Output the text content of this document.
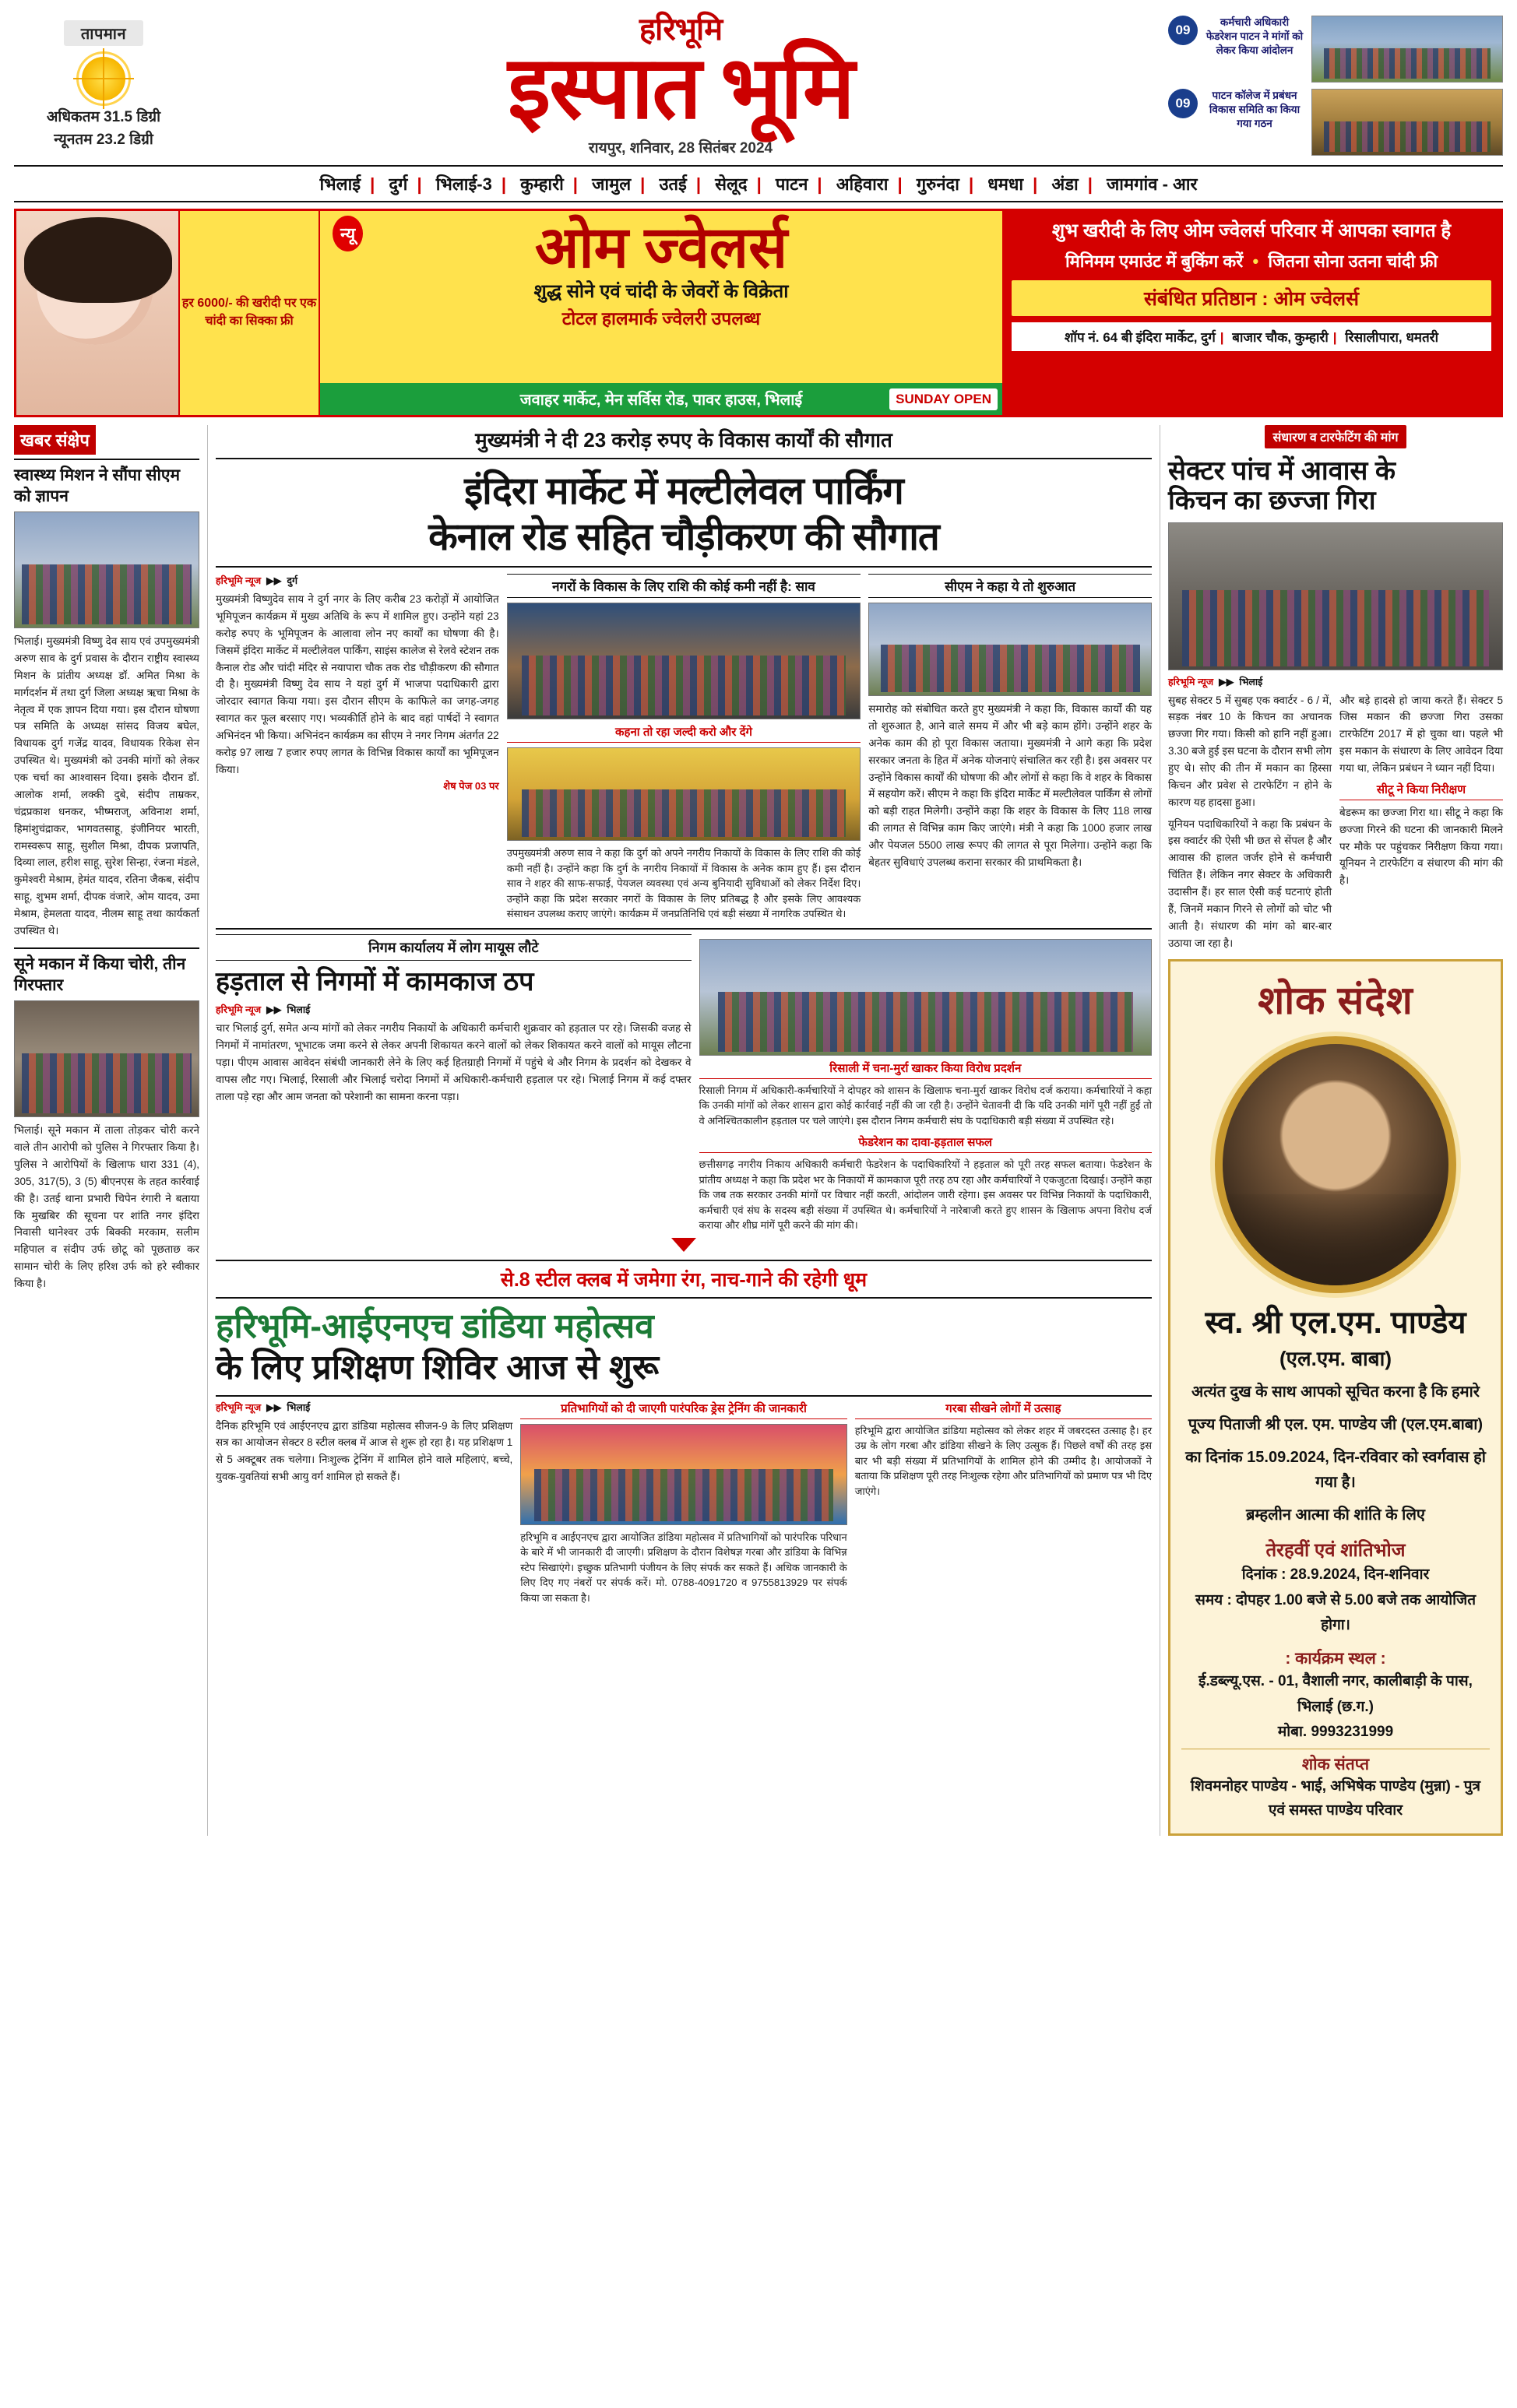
तापमान
अधिकतम 31.5 डिग्री
न्यूनतम 23.2 डिग्री
हरिभूमि
इस्पात भूमि
रायपुर, शनिवार, 28 सितंबर 2024
09
कर्मचारी अधिकारी फेडरेशन पाटन ने मांगों को लेकर किया आंदोलन
09
पाटन कॉलेज में प्रबंधन विकास समिति का किया गया गठन
भिलाई | दुर्ग | भिलाई-3 | कुम्हारी | जामुल | उतई | सेलूद | पाटन | अहिवारा | गुरुनंदा | धमधा | अंडा | जामगांव - आर
हर 6000/- की खरीदी पर एक चांदी का सिक्का फ्री
न्यू	ओम ज्वेलर्स
शुद्ध सोने एवं चांदी के जेवरों के विक्रेता
टोटल हालमार्क ज्वेलरी उपलब्ध
जवाहर मार्केट, मेन सर्विस रोड, पावर हाउस, भिलाई	SUNDAY OPEN
शुभ खरीदी के लिए ओम ज्वेलर्स परिवार में आपका स्वागत है
मिनिमम एमाउंट में बुकिंग करें  •  जितना सोना उतना चांदी फ्री
संबंधित प्रतिष्ठान : ओम ज्वेलर्स
शॉप नं. 64 बी इंदिरा मार्केट, दुर्ग | बाजार चौक, कुम्हारी | रिसालीपारा, धमतरी
खबर संक्षेप
स्वास्थ्य मिशन ने सौंपा सीएम को ज्ञापन
भिलाई। मुख्यमंत्री विष्णु देव साय एवं उपमुख्यमंत्री अरुण साव के दुर्ग प्रवास के दौरान राष्ट्रीय स्वास्थ्य मिशन के प्रांतीय अध्यक्ष डॉ. अमित मिश्रा के मार्गदर्शन में तथा दुर्ग जिला अध्यक्ष ऋचा मिश्रा के नेतृत्व में एक ज्ञापन दिया गया। इस दौरान घोषणा पत्र समिति के अध्यक्ष सांसद विजय बघेल, विधायक दुर्ग गजेंद्र यादव, विधायक रिकेश सेन उपस्थित थे। मुख्यमंत्री को उनकी मांगों को लेकर एक चर्चा का आश्वासन दिया। इसके दौरान डॉ. आलोक शर्मा, लक्की दुबे, संदीप ताम्रकर, चंद्रप्रकाश धनकर, भीष्मराज्, अविनाश शर्मा, हिमांशुचंद्राकर, भागवतसाहू, इंजीनियर भारती, रामस्वरूप साहू, सुशील मिश्रा, दीपक प्रजापति, दिव्या लाल, हरीश साहू, सुरेश सिन्हा, रंजना मंडले, कुमेश्वरी मेश्राम, हेमंत यादव, रतिना जैकब, संदीप साहू, शुभम शर्मा, दीपक वंजारे, ओम यादव, उमा मेश्राम, हेमलता यादव, नीलम साहू तथा कार्यकर्ता उपस्थित थे।
सूने मकान में किया चोरी, तीन गिरफ्तार
भिलाई। सूने मकान में ताला तोड़कर चोरी करने वाले तीन आरोपी को पुलिस ने गिरफ्तार किया है। पुलिस ने आरोपियों के खिलाफ धारा 331 (4), 305, 317(5), 3 (5) बीएनएस के तहत कार्रवाई की है। उतई थाना प्रभारी चिपेन रंगारी ने बताया कि मुखबिर की सूचना पर शांति नगर इंदिरा निवासी थानेश्वर उर्फ बिक्की मरकाम, सलीम महिपाल व संदीप उर्फ छोटू को पूछताछ कर सामान चोरी के लिए हरिश उर्फ को हरे स्वीकार किया है।
मुख्यमंत्री ने दी 23 करोड़ रुपए के विकास कार्यों की सौगात
इंदिरा मार्केट में मल्टीलेवल पार्किंग
केनाल रोड सहित चौड़ीकरण की सौगात
हरिभूमि न्यूज  ▶▶  दुर्ग
मुख्यमंत्री विष्णुदेव साय ने दुर्ग नगर के लिए करीब 23 करोड़ों में आयोजित भूमिपूजन कार्यक्रम में मुख्य अतिथि के रूप में शामिल हुए। उन्होंने यहां 23 करोड़ रुपए के भूमिपूजन के आलावा लोन नए कार्यों का घोषणा की है। जिसमें इंदिरा मार्केट में मल्टीलेवल पार्किंग, साइंस कालेज से रेलवे स्टेशन तक कैनाल रोड और चांदी मंदिर से नयापारा चौक तक रोड चौड़ीकरण की सौगात दी है। मुख्यमंत्री विष्णु देव साय ने यहां दुर्ग में भाजपा पदाधिकारी द्वारा जोरदार स्वागत किया गया। इस दौरान सीएम के काफिले का जगह-जगह स्वागत कर फूल बरसाए गए। भव्यकीर्ति होने के बाद वहां पार्षदों ने स्वागत अभिनंदन भी किया। अभिनंदन कार्यक्रम का सीएम ने नगर निगम अंतर्गत 22 करोड़ 97 लाख 7 हजार रुपए लागत के विभिन्न विकास कार्यों का भूमिपूजन किया।
शेष पेज 03 पर
नगरों के विकास के लिए राशि की कोई कमी नहीं है: साव
कहना तो रहा जल्दी करो और देंगे
उपमुख्यमंत्री अरुण साव ने कहा कि दुर्ग को अपने नगरीय निकायों के विकास के लिए राशि की कोई कमी नहीं है। उन्होंने कहा कि दुर्ग के नगरीय निकायों में विकास के अनेक काम हुए हैं। इस दौरान साव ने शहर की साफ-सफाई, पेयजल व्यवस्था एवं अन्य बुनियादी सुविधाओं को लेकर निर्देश दिए। उन्होंने कहा कि प्रदेश सरकार नगरों के विकास के लिए प्रतिबद्ध है और इसके लिए आवश्यक संसाधन उपलब्ध कराए जाएंगे। कार्यक्रम में जनप्रतिनिधि एवं बड़ी संख्या में नागरिक उपस्थित थे।
सीएम ने कहा ये तो शुरुआत
समारोह को संबोधित करते हुए मुख्यमंत्री ने कहा कि, विकास कार्यों की यह तो शुरुआत है, आने वाले समय में और भी बड़े काम होंगे। उन्होंने शहर के अनेक काम की हो पूरा विकास जताया। मुख्यमंत्री ने आगे कहा कि प्रदेश सरकार जनता के हित में अनेक योजनाएं संचालित कर रही है। इस अवसर पर उन्होंने विकास कार्यों की घोषणा की और लोगों से कहा कि वे शहर के विकास में सहयोग करें। सीएम ने कहा कि इंदिरा मार्केट में मल्टीलेवल पार्किंग से लोगों को बड़ी राहत मिलेगी। उन्होंने कहा कि शहर के विकास के लिए 118 लाख की लागत से विभिन्न काम किए जाएंगे। मंत्री ने कहा कि 1000 हजार लाख और पेयजल 5500 लाख रूपए की लागत से पूरा मिलेगा। उन्होंने कहा कि बेहतर सुविधाएं उपलब्ध कराना सरकार की प्राथमिकता है।
निगम कार्यालय में लोग मायूस लौटे
हड़ताल से निगमों में कामकाज ठप
हरिभूमि न्यूज  ▶▶  भिलाई
चार भिलाई दुर्ग, समेत अन्य मांगों को लेकर नगरीय निकायों के अधिकारी कर्मचारी शुक्रवार को हड़ताल पर रहे। जिसकी वजह से निगमों में नामांतरण, भूभाटक जमा करने से लेकर अपनी शिकायत करने वालों को लेकर शिकायत करने वालों को मायूस लौटना पड़ा। पीएम आवास आवेदन संबंधी जानकारी लेने के लिए कई हितग्राही निगमों में पहुंचे थे और निगम के प्रदर्शन को देखकर वे वापस लौट गए। भिलाई, रिसाली और भिलाई चरोदा निगमों में अधिकारी-कर्मचारी हड़ताल पर रहे। भिलाई निगम में कई दफ्तर ताला पड़े रहा और आम जनता को परेशानी का सामना करना पड़ा।
रिसाली में चना-मुर्रा खाकर किया विरोध प्रदर्शन
रिसाली निगम में अधिकारी-कर्मचारियों ने दोपहर को शासन के खिलाफ चना-मुर्रा खाकर विरोध दर्ज कराया। कर्मचारियों ने कहा कि उनकी मांगों को लेकर शासन द्वारा कोई कार्रवाई नहीं की जा रही है। उन्होंने चेतावनी दी कि यदि उनकी मांगें पूरी नहीं हुईं तो वे अनिश्चितकालीन हड़ताल पर चले जाएंगे। इस दौरान निगम कर्मचारी संघ के पदाधिकारी बड़ी संख्या में उपस्थित रहे।
फेडरेशन का दावा-हड़ताल सफल
छत्तीसगढ़ नगरीय निकाय अधिकारी कर्मचारी फेडरेशन के पदाधिकारियों ने हड़ताल को पूरी तरह सफल बताया। फेडरेशन के प्रांतीय अध्यक्ष ने कहा कि प्रदेश भर के निकायों में कामकाज पूरी तरह ठप रहा और कर्मचारियों ने एकजुटता दिखाई। उन्होंने कहा कि जब तक सरकार उनकी मांगों पर विचार नहीं करती, आंदोलन जारी रहेगा। इस अवसर पर विभिन्न निकायों के पदाधिकारी, कर्मचारी एवं संघ के सदस्य बड़ी संख्या में उपस्थित थे। कर्मचारियों ने नारेबाजी करते हुए शासन के खिलाफ अपना विरोध दर्ज कराया और शीघ्र मांगें पूरी करने की मांग की।
से.8 स्टील क्लब में जमेगा रंग, नाच-गाने की रहेगी धूम
हरिभूमि-आईएनएच डांडिया महोत्सव
के लिए प्रशिक्षण शिविर आज से शुरू
हरिभूमि न्यूज  ▶▶  भिलाई
दैनिक हरिभूमि एवं आईएनएच द्वारा डांडिया महोत्सव सीजन-9 के लिए प्रशिक्षण सत्र का आयोजन सेक्टर 8 स्टील क्लब में आज से शुरू हो रहा है। यह प्रशिक्षण 1 से 5 अक्टूबर तक चलेगा। निःशुल्क ट्रेनिंग में शामिल होने वाले महिलाएं, बच्चे, युवक-युवतियां सभी आयु वर्ग शामिल हो सकते हैं।
प्रतिभागियों को दी जाएगी पारंपरिक ड्रेस ट्रेनिंग की जानकारी
हरिभूमि व आईएनएच द्वारा आयोजित डांडिया महोत्सव में प्रतिभागियों को पारंपरिक परिधान के बारे में भी जानकारी दी जाएगी। प्रशिक्षण के दौरान विशेषज्ञ गरबा और डांडिया के विभिन्न स्टेप सिखाएंगे। इच्छुक प्रतिभागी पंजीयन के लिए संपर्क कर सकते हैं। अधिक जानकारी के लिए दिए गए नंबरों पर संपर्क करें। मो. 0788-4091720 व 9755813929 पर संपर्क किया जा सकता है।
गरबा सीखने लोगों में उत्साह
हरिभूमि द्वारा आयोजित डांडिया महोत्सव को लेकर शहर में जबरदस्त उत्साह है। हर उम्र के लोग गरबा और डांडिया सीखने के लिए उत्सुक हैं। पिछले वर्षों की तरह इस बार भी बड़ी संख्या में प्रतिभागियों के शामिल होने की उम्मीद है। आयोजकों ने बताया कि प्रशिक्षण पूरी तरह निःशुल्क रहेगा और प्रतिभागियों को प्रमाण पत्र भी दिए जाएंगे।
संधारण व टारफेटिंग की मांग
सेक्टर पांच में आवास के
किचन का छज्जा गिरा
हरिभूमि न्यूज  ▶▶  भिलाई
सुबह सेक्टर 5 में सुबह एक क्वार्टर - 6 / में, सड़क नंबर 10 के किचन का अचानक छज्जा गिर गया। किसी को हानि नहीं हुआ। 3.30 बजे हुई इस घटना के दौरान सभी लोग हुए थे। सोए की तीन में मकान का हिस्सा किचन और प्रवेश से टारफेटिंग न होने के कारण यह हादसा हुआ।
यूनियन पदाधिकारियों ने कहा कि प्रबंधन के इस क्वार्टर की ऐसी भी छत से सेंपल है और आवास की हालत जर्जर होने से कर्मचारी चिंतित हैं। लेकिन नगर सेक्टर के अधिकारी उदासीन हैं। हर साल ऐसी कई घटनाएं होती हैं, जिनमें मकान गिरने से लोगों को चोट भी आती है। संधारण की मांग को बार-बार उठाया जा रहा है।
और बड़े हादसे हो जाया करते हैं। सेक्टर 5 जिस मकान की छज्जा गिरा उसका टारफेटिंग 2017 में हो चुका था। पहले भी इस मकान के संधारण के लिए आवेदन दिया गया था, लेकिन प्रबंधन ने ध्यान नहीं दिया।
सीटू ने किया निरीक्षण
बेडरूम का छज्जा गिरा था। सीटू ने कहा कि छज्जा गिरने की घटना की जानकारी मिलने पर मौके पर पहुंचकर निरीक्षण किया गया। यूनियन ने टारफेटिंग व संधारण की मांग की है।
शोक संदेश
स्व. श्री एल.एम. पाण्डेय
(एल.एम. बाबा)
अत्यंत दुख के साथ आपको सूचित करना है कि हमारे
पूज्य पिताजी श्री एल. एम. पाण्डेय जी (एल.एम.बाबा)
का दिनांक 15.09.2024, दिन-रविवार को स्वर्गवास हो गया है।
ब्रम्हलीन आत्मा की शांति के लिए
तेरहवीं एवं शांतिभोज
दिनांक : 28.9.2024, दिन-शनिवार
समय : दोपहर 1.00 बजे से 5.00 बजे तक आयोजित होगा।
: कार्यक्रम स्थल :
ई.डब्ल्यू.एस. - 01, वैशाली नगर, कालीबाड़ी के पास, भिलाई (छ.ग.)
मोबा. 9993231999
शोक संतप्त
शिवमनोहर पाण्डेय - भाई, अभिषेक पाण्डेय (मुन्ना) - पुत्र
एवं समस्त पाण्डेय परिवार
